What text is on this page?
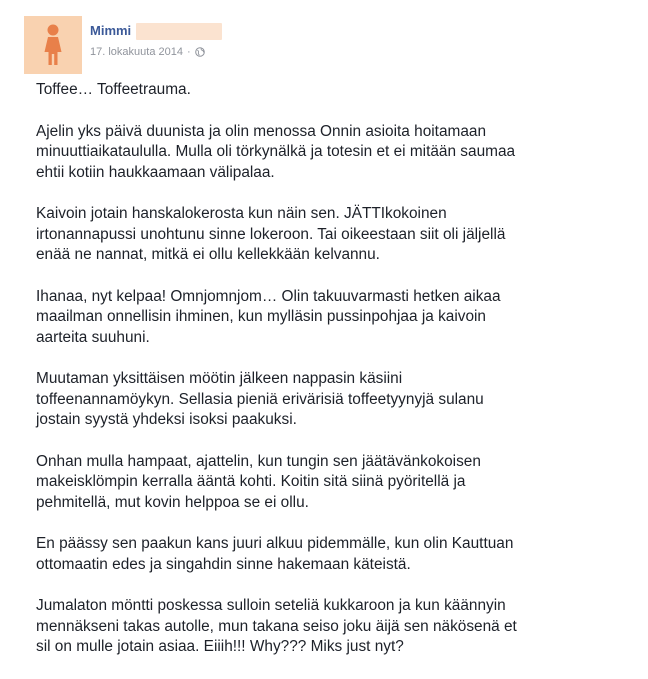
Mimmi
17. lokakuuta 2014 ·

Toffee… Toffeetrauma.

Ajelin yks päivä duunista ja olin menossa Onnin asioita hoitamaan
minuuttiaikataululla. Mulla oli törkynälkä ja totesin et ei mitään saumaa
ehtii kotiin haukkaamaan välipalaa.

Kaivoin jotain hanskalokerosta kun näin sen. JÄTTIkokoinen
irtonannapussi unohtunu sinne lokeroon. Tai oikeestaan siit oli jäljellä
enää ne nannat, mitkä ei ollu kellekkään kelvannu.

Ihanaa, nyt kelpaa! Omnjomnjom… Olin takuuvarmasti hetken aikaa
maailman onnellisin ihminen, kun mylläsin pussinpohjaa ja kaivoin
aarteita suuhuni.

Muutaman yksittäisen möötin jälkeen nappasin käsiini
toffeenannamöykyn. Sellasia pieniä erivärisiä toffeetyynyjä sulanu
jostain syystä yhdeksi isoksi paakuksi.

Onhan mulla hampaat, ajattelin, kun tungin sen jäätävänkokoisen
makeisklömpin kerralla ääntä kohti. Koitin sitä siinä pyöritellä ja
pehmitellä, mut kovin helppoa se ei ollu.

En päässy sen paakun kans juuri alkuu pidemmälle, kun olin Kauttuan
ottomaatin edes ja singahdin sinne hakemaan käteistä.

Jumalaton möntti poskessa sulloin seteliä kukkaroon ja kun käännyin
mennäkseni takas autolle, mun takana seiso joku äijä sen näkösenä et
sil on mulle jotain asiaa. Eiiih!!! Why??? Miks just nyt?
